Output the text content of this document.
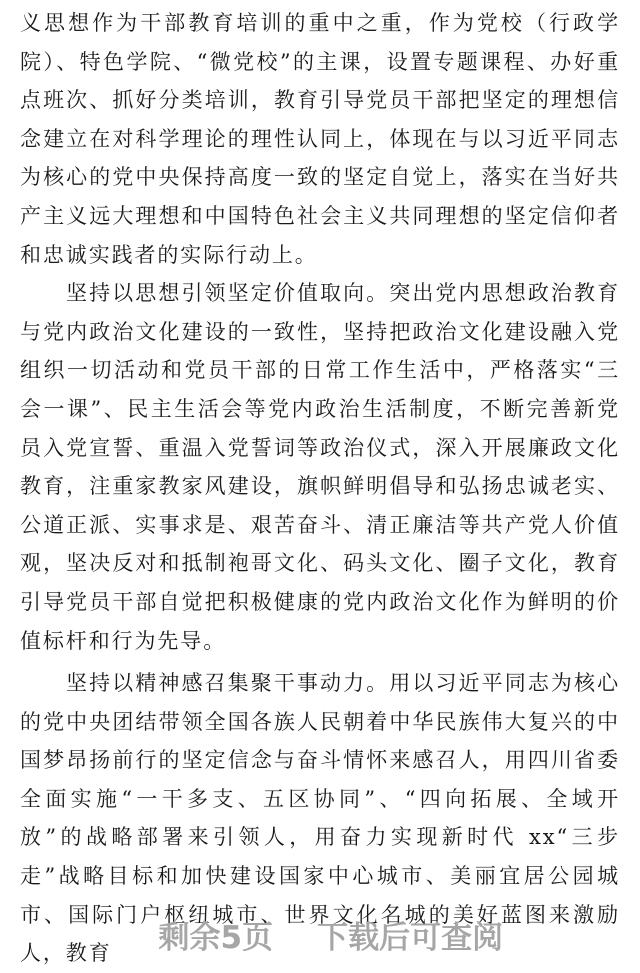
义思想作为干部教育培训的重中之重，作为党校（行政学院）、特色学院、“微党校”的主课，设置专题课程、办好重点班次、抓好分类培训，教育引导党员干部把坚定的理想信念建立在对科学理论的理性认同上，体现在与以习近平同志为核心的党中央保持高度一致的坚定自觉上，落实在当好共产主义远大理想和中国特色社会主义共同理想的坚定信仰者和忠诚实践者的实际行动上。

坚持以思想引领坚定价值取向。突出党内思想政治教育与党内政治文化建设的一致性，坚持把政治文化建设融入党组织一切活动和党员干部的日常工作生活中，严格落实“三会一课”、民主生活会等党内政治生活制度，不断完善新党员入党宣誓、重温入党誓词等政治仪式，深入开展廉政文化教育，注重家教家风建设，旗帜鲜明倡导和弘扬忠诚老实、公道正派、实事求是、艰苦奋斗、清正廉洁等共产党人价值观，坚决反对和抵制袍哥文化、码头文化、圈子文化，教育引导党员干部自觉把积极健康的党内政治文化作为鲜明的价值标杆和行为先导。

坚持以精神感召集聚干事动力。用以习近平同志为核心的党中央团结带领全国各族人民朝着中华民族伟大复兴的中国梦昂扬前行的坚定信念与奋斗情怀来感召人，用四川省委全面实施“一干多支、五区协同”、“四向拓展、全域开放”的战略部署来引领人，用奋力实现新时代 xx“三步走”战略目标和加快建设国家中心城市、美丽宜居公园城市、国际门户枢纽城市、世界文化名城的美好蓝图来激励人，教育	剩余5页 下载后可查阅
